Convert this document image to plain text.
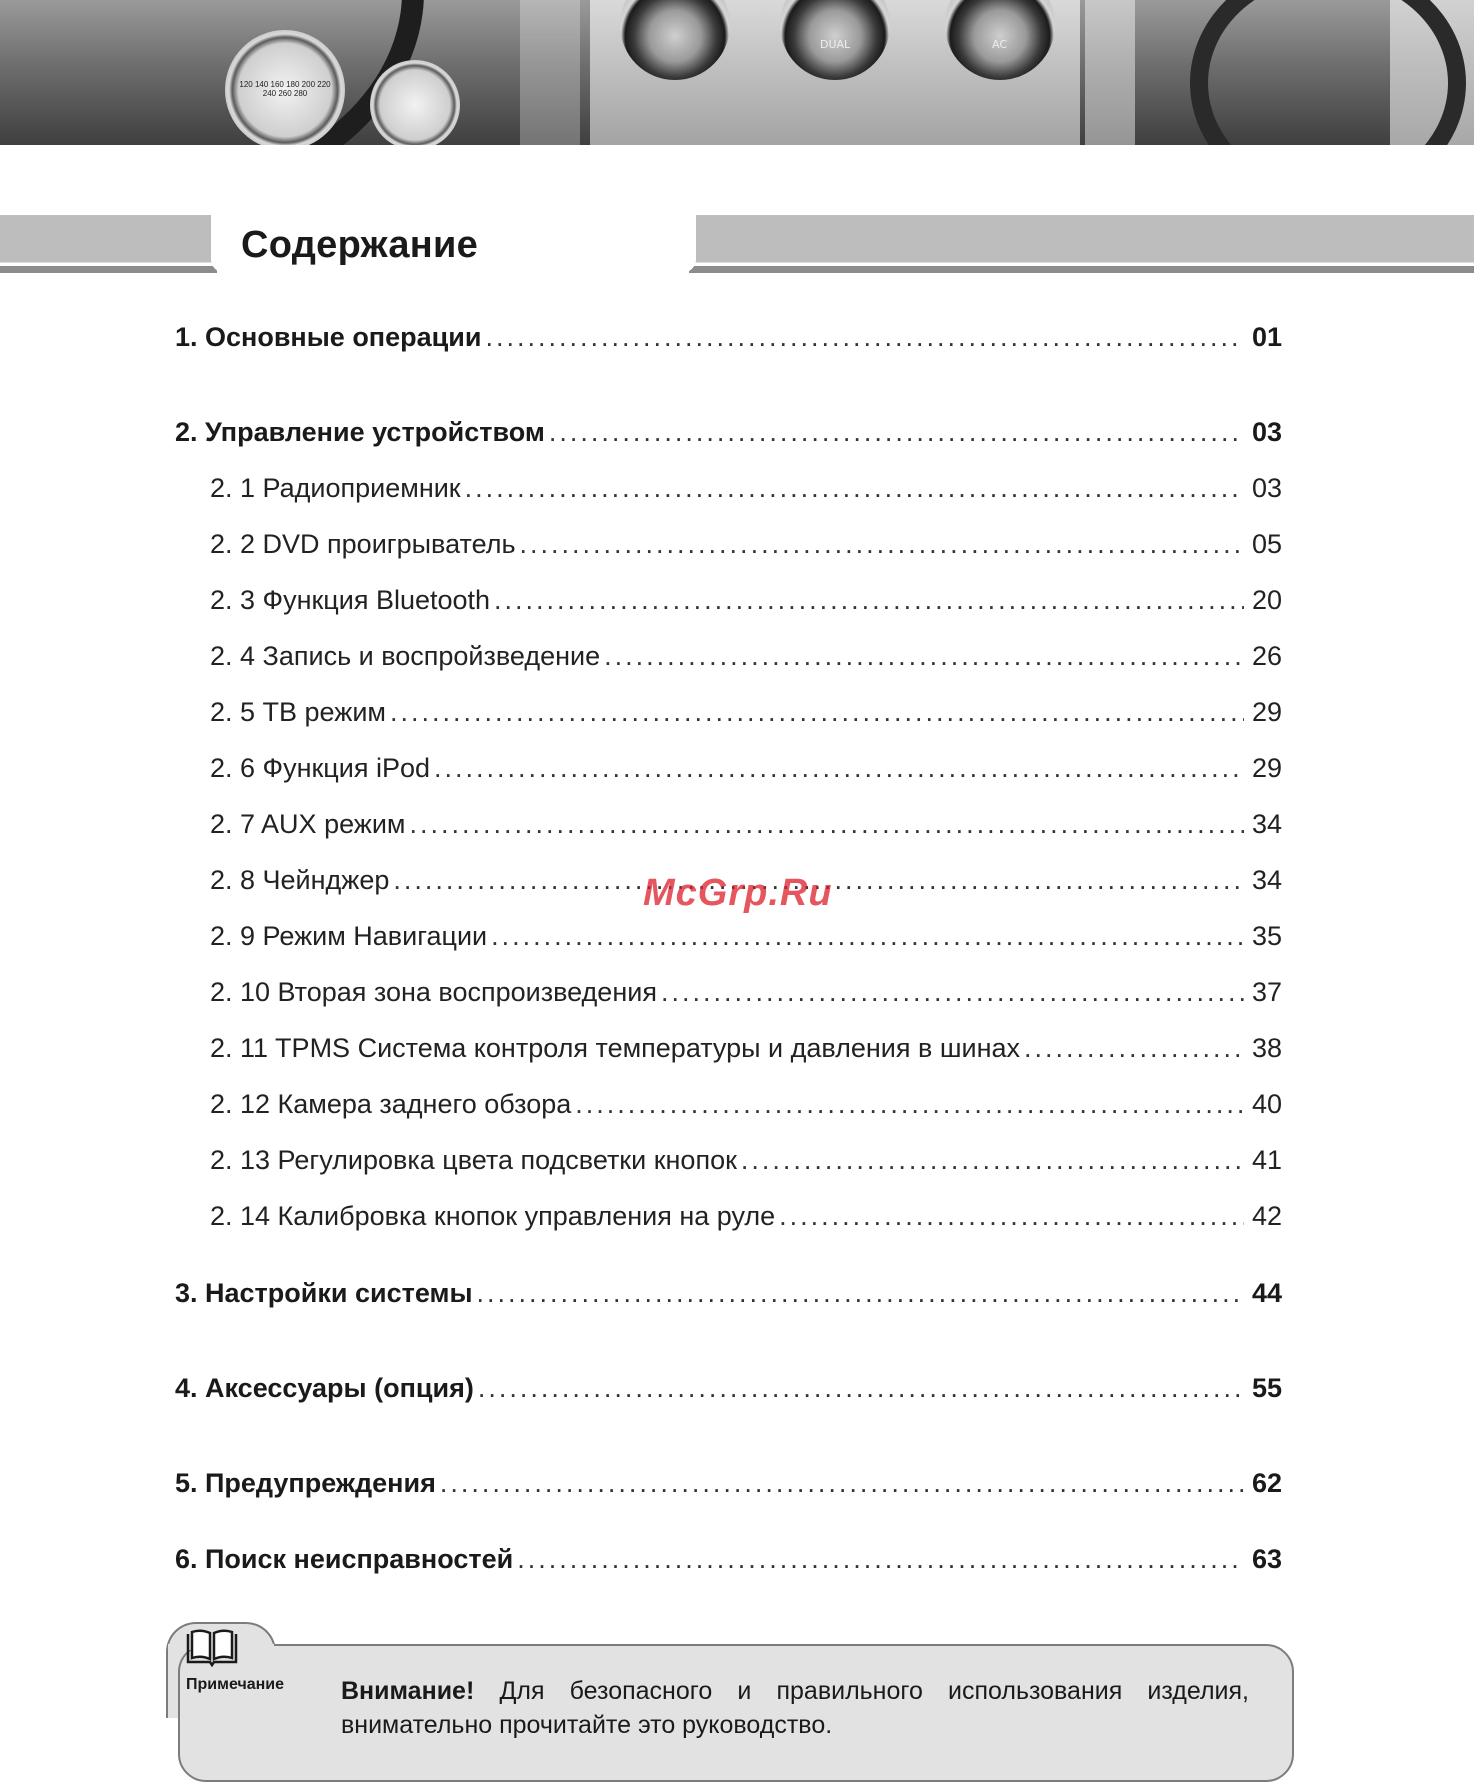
120 140 160 180 200 220 240 260 280
DUAL	AC
Содержание
1. Основные операции .....	01
2. Управление устройством .....	03
2. 1 Радиоприемник .....	03
2. 2 DVD проигрыватель .....	05
2. 3 Функция Bluetooth .....	20
2. 4 Запись и воспройзведение .....	26
2. 5 ТВ режим .....	29
2. 6 Функция iPod .....	29
2. 7 AUX режим .....	34
2. 8 Чейнджер .....	34
2. 9 Режим Навигации .....	35
2. 10 Вторая зона воспроизведения .....	37
2. 11 TPMS Система контроля температуры и давления в шинах .....	38
2. 12 Камера заднего обзора .....	40
2. 13 Регулировка цвета подсветки кнопок .....	41
2. 14 Калибровка кнопок управления на руле .....	42
3. Настройки системы .....	44
4. Аксессуары (опция) .....	55
5. Предупреждения .....	62
6. Поиск неисправностей .....	63
McGrp.Ru
Примечание Внимание! Для безопасного и правильного использования изделия, внимательно прочитайте это руководство.
